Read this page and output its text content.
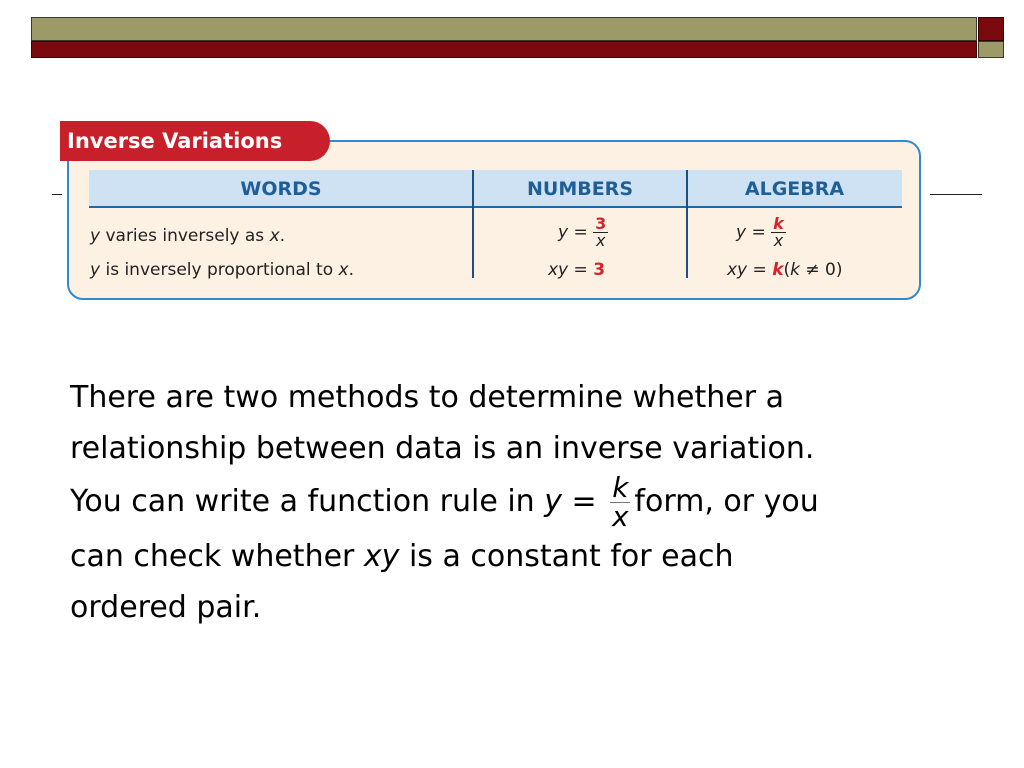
Inverse Variations
WORDS	NUMBERS	ALGEBRA
y varies inversely as x.	$y = \frac{3}{x}$	$y = \frac{k}{x}$
y is inversely proportional to x.	xy = 3	xy = k(k ≠ 0)
There are two methods to determine whether a
relationship between data is an inverse variation.
You can write a function rule in $y = \frac{k}{x}$ form, or you
can check whether xy is a constant for each
ordered pair.
